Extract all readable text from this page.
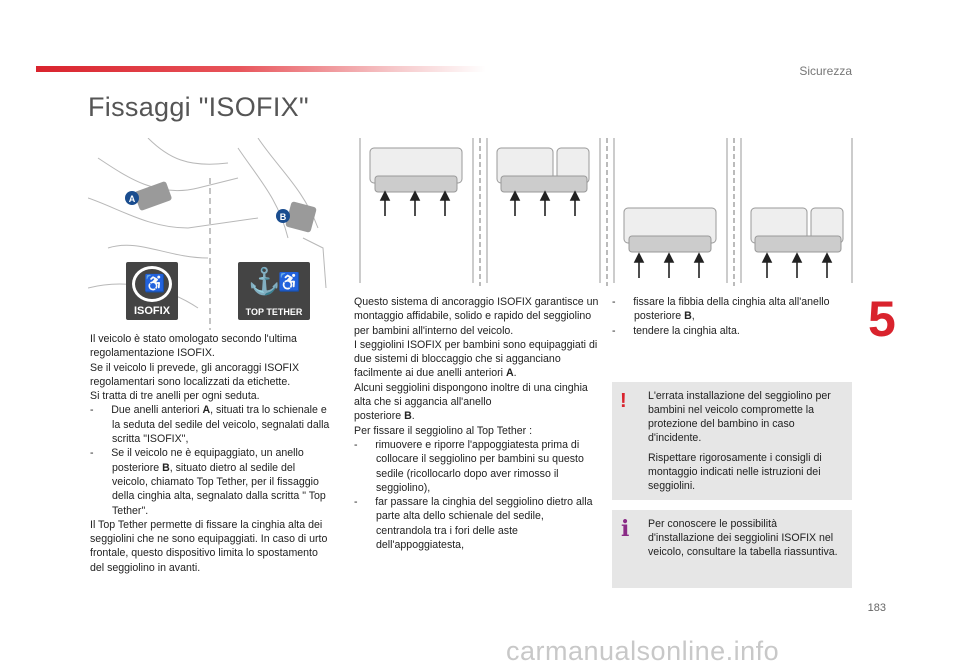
Sicurezza
Fissaggi "ISOFIX"
5
A
B
♿
ISOFIX
⚓
♿
TOP TETHER

Il veicolo è stato omologato secondo l'ultima regolamentazione ISOFIX.

Se il veicolo li prevede, gli ancoraggi ISOFIX regolamentari sono localizzati da etichette.

Si tratta di tre anelli per ogni seduta.

-      Due anelli anteriori A, situati tra lo schienale e la seduta del sedile del veicolo, segnalati dalla scritta "ISOFIX",

-      Se il veicolo ne è equipaggiato, un anello posteriore B, situato dietro al sedile del veicolo, chiamato Top Tether, per il fissaggio della cinghia alta, segnalato dalla scritta " Top Tether".

Il Top Tether permette di fissare la cinghia alta dei seggiolini che ne sono equipaggiati. In caso di urto frontale, questo dispositivo limita lo spostamento del seggiolino in avanti.

Questo sistema di ancoraggio ISOFIX garantisce un montaggio affidabile, solido e rapido del seggiolino per bambini all'interno del veicolo.

I seggiolini ISOFIX per bambini sono equipaggiati di due sistemi di bloccaggio che si agganciano facilmente ai due anelli anteriori A.

Alcuni seggiolini dispongono inoltre di una cinghia alta che si aggancia all'anello

posteriore B.

Per fissare il seggiolino al Top Tether :

-      rimuovere e riporre l'appoggiatesta prima di collocare il seggiolino per bambini su questo sedile (ricollocarlo dopo aver rimosso il seggiolino),

-      far passare la cinghia del seggiolino dietro alla parte alta dello schienale del sedile, centrandola tra i fori delle aste dell'appoggiatesta,

-      fissare la fibbia della cinghia alta all'anello posteriore B,

-      tendere la cinghia alta.

! L'errata installazione del seggiolino per bambini nel veicolo compromette la protezione del bambino in caso d'incidente.

Rispettare rigorosamente i consigli di montaggio indicati nelle istruzioni dei seggiolini.

i Per conoscere le possibilità d'installazione dei seggiolini ISOFIX nel veicolo, consultare la tabella riassuntiva.
183
carmanualsonline.info
